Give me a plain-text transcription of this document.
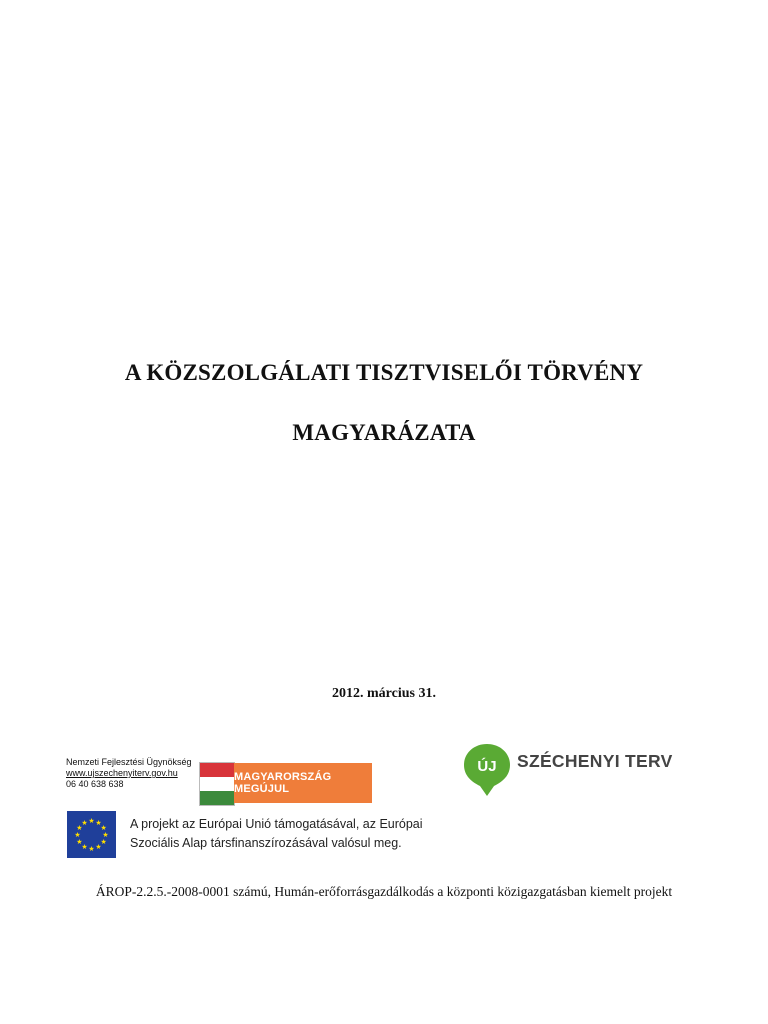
A KÖZSZOLGÁLATI TISZTVISELŐI TÖRVÉNY
MAGYARÁZATA
2012. március 31.
Nemzeti Fejlesztési Ügynökség
www.ujszechenyiterv.gov.hu
06 40 638 638
MAGYARORSZÁG MEGÚJUL
★ ★
★
★
★
★
★
★
★
★
★
★	A projekt az Európai Unió támogatásával, az Európai
Szociális Alap társfinanszírozásával valósul meg.
ÚJ SZÉCHENYI TERV
ÁROP-2.2.5.-2008-0001 számú, Humán-erőforrásgazdálkodás a központi közigazgatásban kiemelt projekt
